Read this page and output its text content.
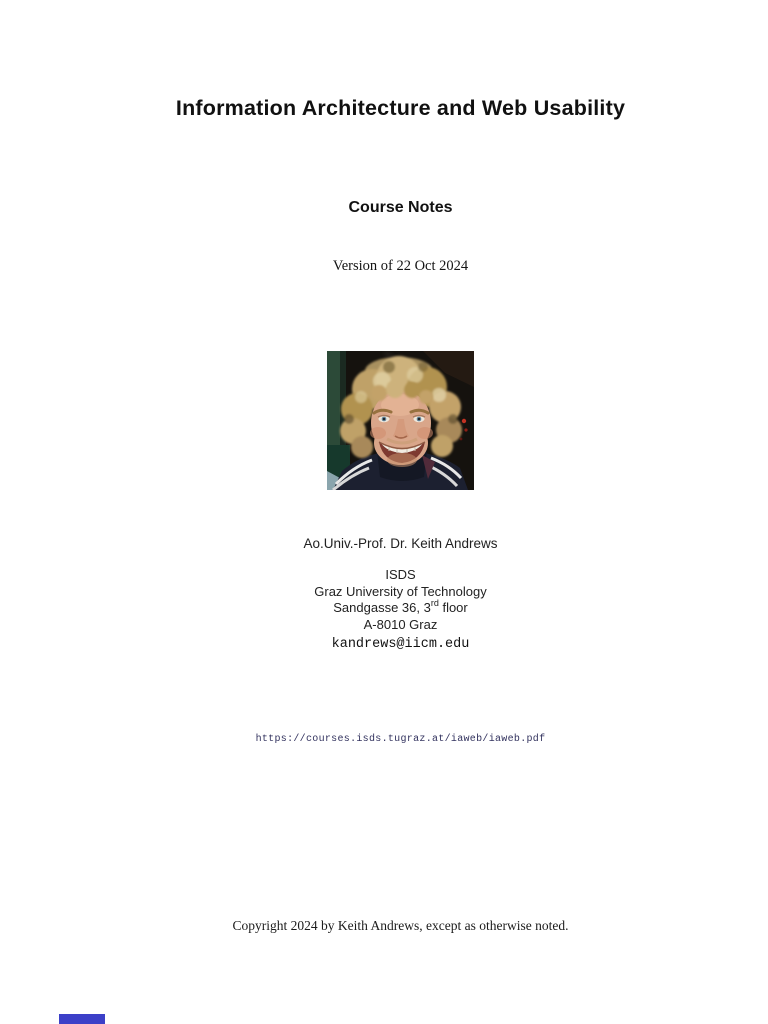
Information Architecture and Web Usability
Course Notes
Version of 22 Oct 2024
Ao.Univ.-Prof. Dr. Keith Andrews
ISDS
Graz University of Technology
Sandgasse 36, 3rd floor
A-8010 Graz
kandrews@iicm.edu
https://courses.isds.tugraz.at/iaweb/iaweb.pdf
Copyright 2024 by Keith Andrews, except as otherwise noted.
